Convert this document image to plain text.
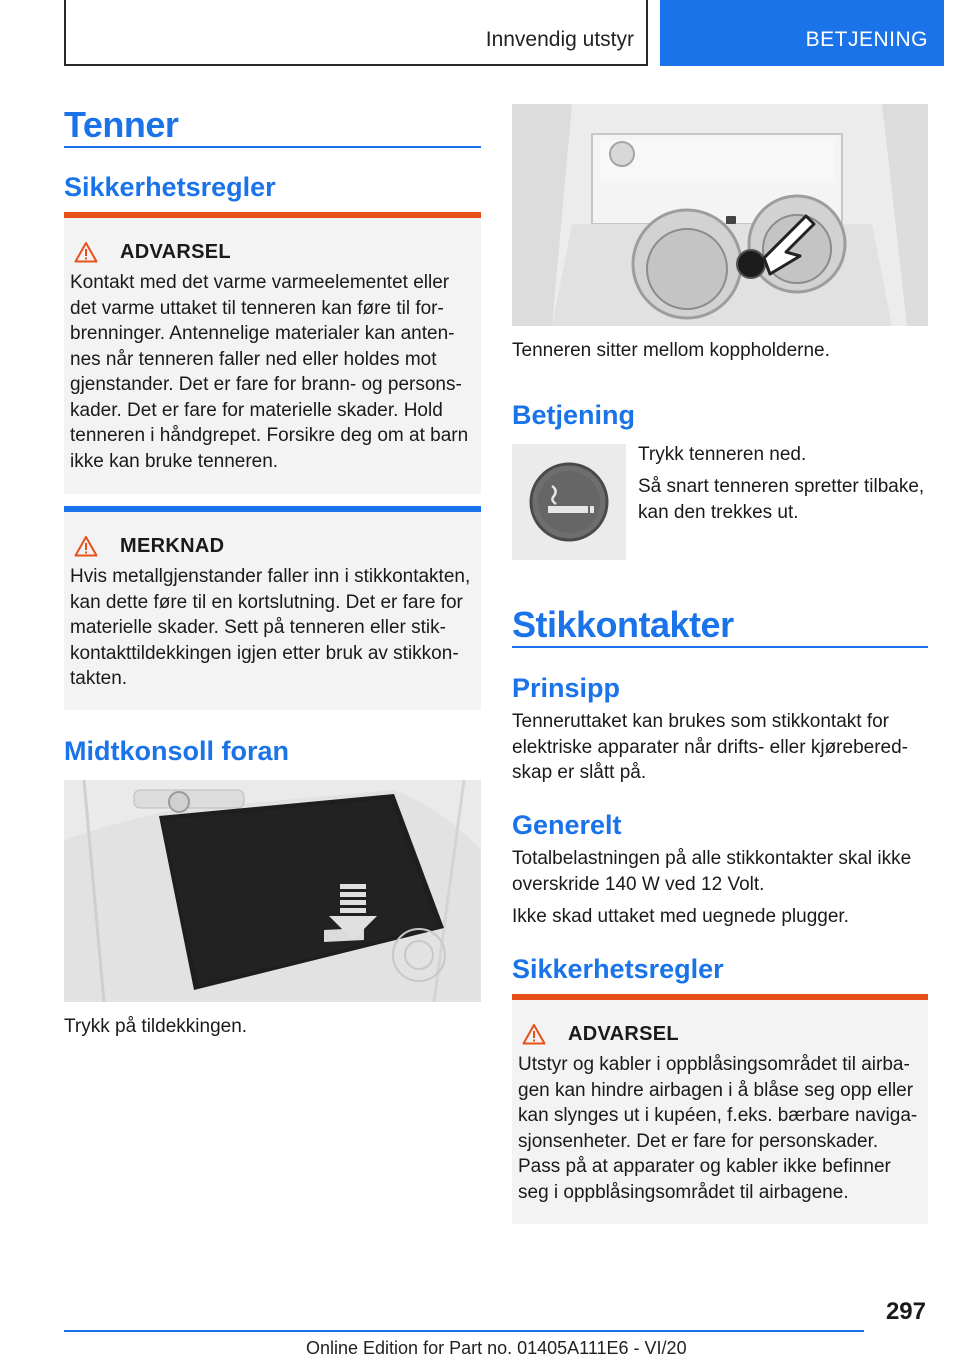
Innvendig utstyr	BETJENING
Tenner
Sikkerhetsregler
ADVARSEL
Kontakt med det varme varmeelementet eller det varme uttaket til tenneren kan føre til forbrenninger. Antennelige materialer kan antennes når tenneren faller ned eller holdes mot gjenstander. Det er fare for brann- og personskader. Det er fare for materielle skader. Hold tenneren i håndgrepet. Forsikre deg om at barn ikke kan bruke tenneren.
MERKNAD
Hvis metallgjenstander faller inn i stikkontakten, kan dette føre til en kortslutning. Det er fare for materielle skader. Sett på tenneren eller stikkontakttildekkingen igjen etter bruk av stikkontakten.
Midtkonsoll foran
Trykk på tildekkingen.
Tenneren sitter mellom koppholderne.
Betjening
Trykk tenneren ned.
Så snart tenneren spretter tilbake, kan den trekkes ut.
Stikkontakter
Prinsipp
Tenneruttaket kan brukes som stikkontakt for elektriske apparater når drifts- eller kjøreberedskap er slått på.
Generelt
Totalbelastningen på alle stikkontakter skal ikke overskride 140 W ved 12 Volt.
Ikke skad uttaket med uegnede plugger.
Sikkerhetsregler
ADVARSEL
Utstyr og kabler i oppblåsingsområdet til airbagen kan hindre airbagen i å blåse seg opp eller kan slynges ut i kupéen, f.eks. bærbare navigasjonsenheter. Det er fare for personskader. Pass på at apparater og kabler ikke befinner seg i oppblåsingsområdet til airbagene.
297
Online Edition for Part no. 01405A111E6 - VI/20
